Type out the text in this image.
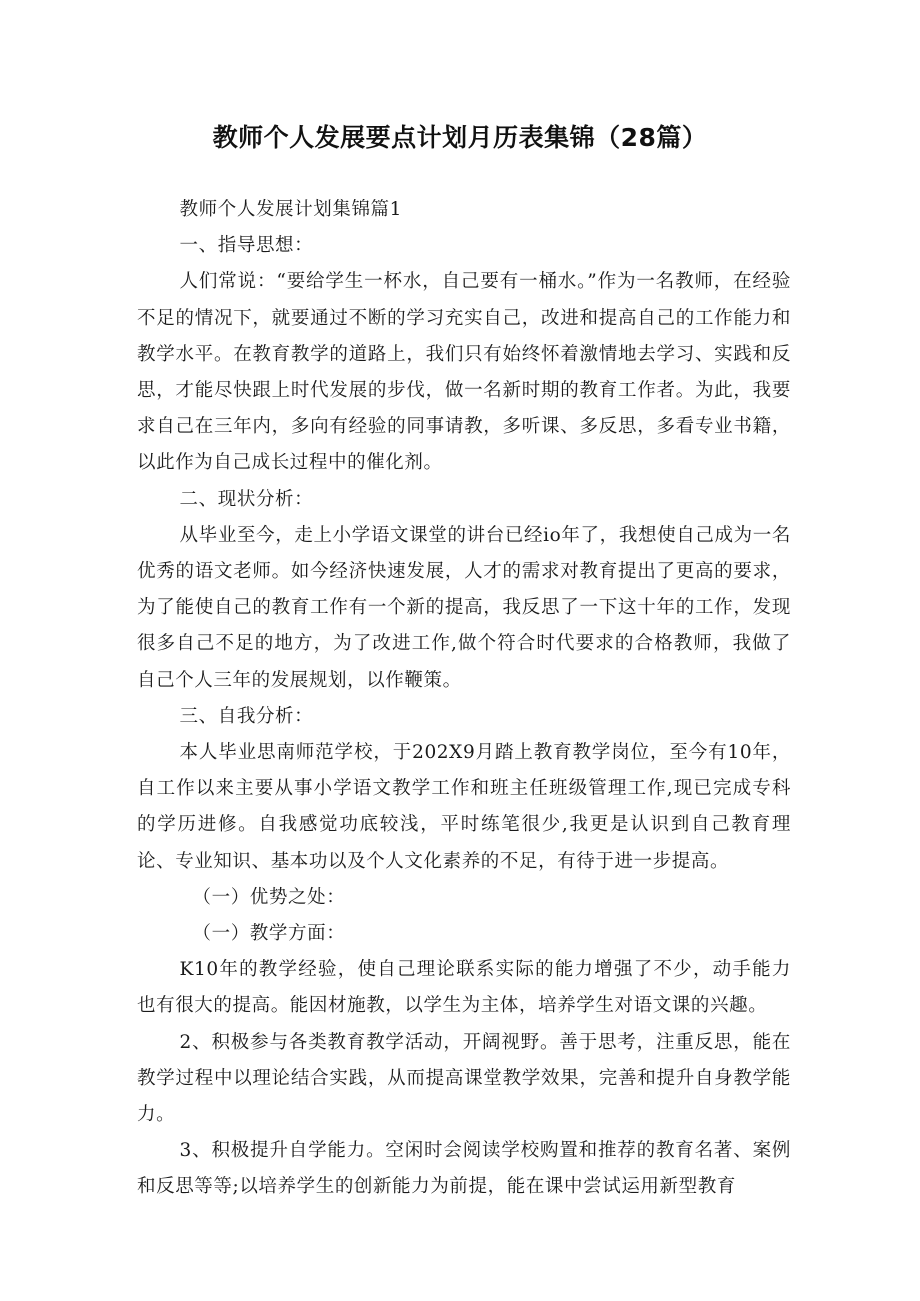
教师个人发展要点计划月历表集锦（28篇）

教师个人发展计划集锦篇1

一、指导思想：

人们常说：“要给学生一杯水，自己要有一桶水。”作为一名教师，在经验不足的情况下，就要通过不断的学习充实自己，改进和提高自己的工作能力和教学水平。在教育教学的道路上，我们只有始终怀着激情地去学习、实践和反思，才能尽快跟上时代发展的步伐，做一名新时期的教育工作者。为此，我要求自己在三年内，多向有经验的同事请教，多听课、多反思，多看专业书籍，以此作为自己成长过程中的催化剂。

二、现状分析：

从毕业至今，走上小学语文课堂的讲台已经io年了，我想使自己成为一名优秀的语文老师。如今经济快速发展，人才的需求对教育提出了更高的要求，为了能使自己的教育工作有一个新的提高，我反思了一下这十年的工作，发现很多自己不足的地方，为了改进工作,做个符合时代要求的合格教师，我做了自己个人三年的发展规划，以作鞭策。

三、自我分析：

本人毕业思南师范学校，于202X9月踏上教育教学岗位，至今有10年，自工作以来主要从事小学语文教学工作和班主任班级管理工作,现已完成专科的学历进修。自我感觉功底较浅，平时练笔很少,我更是认识到自己教育理论、专业知识、基本功以及个人文化素养的不足，有待于进一步提高。

（一）优势之处：

（一）教学方面：

K10年的教学经验，使自己理论联系实际的能力增强了不少，动手能力也有很大的提高。能因材施教，以学生为主体，培养学生对语文课的兴趣。

2、积极参与各类教育教学活动，开阔视野。善于思考，注重反思，能在教学过程中以理论结合实践，从而提高课堂教学效果，完善和提升自身教学能力。

3、积极提升自学能力。空闲时会阅读学校购置和推荐的教育名著、案例和反思等等;以培养学生的创新能力为前提，能在课中尝试运用新型教育
